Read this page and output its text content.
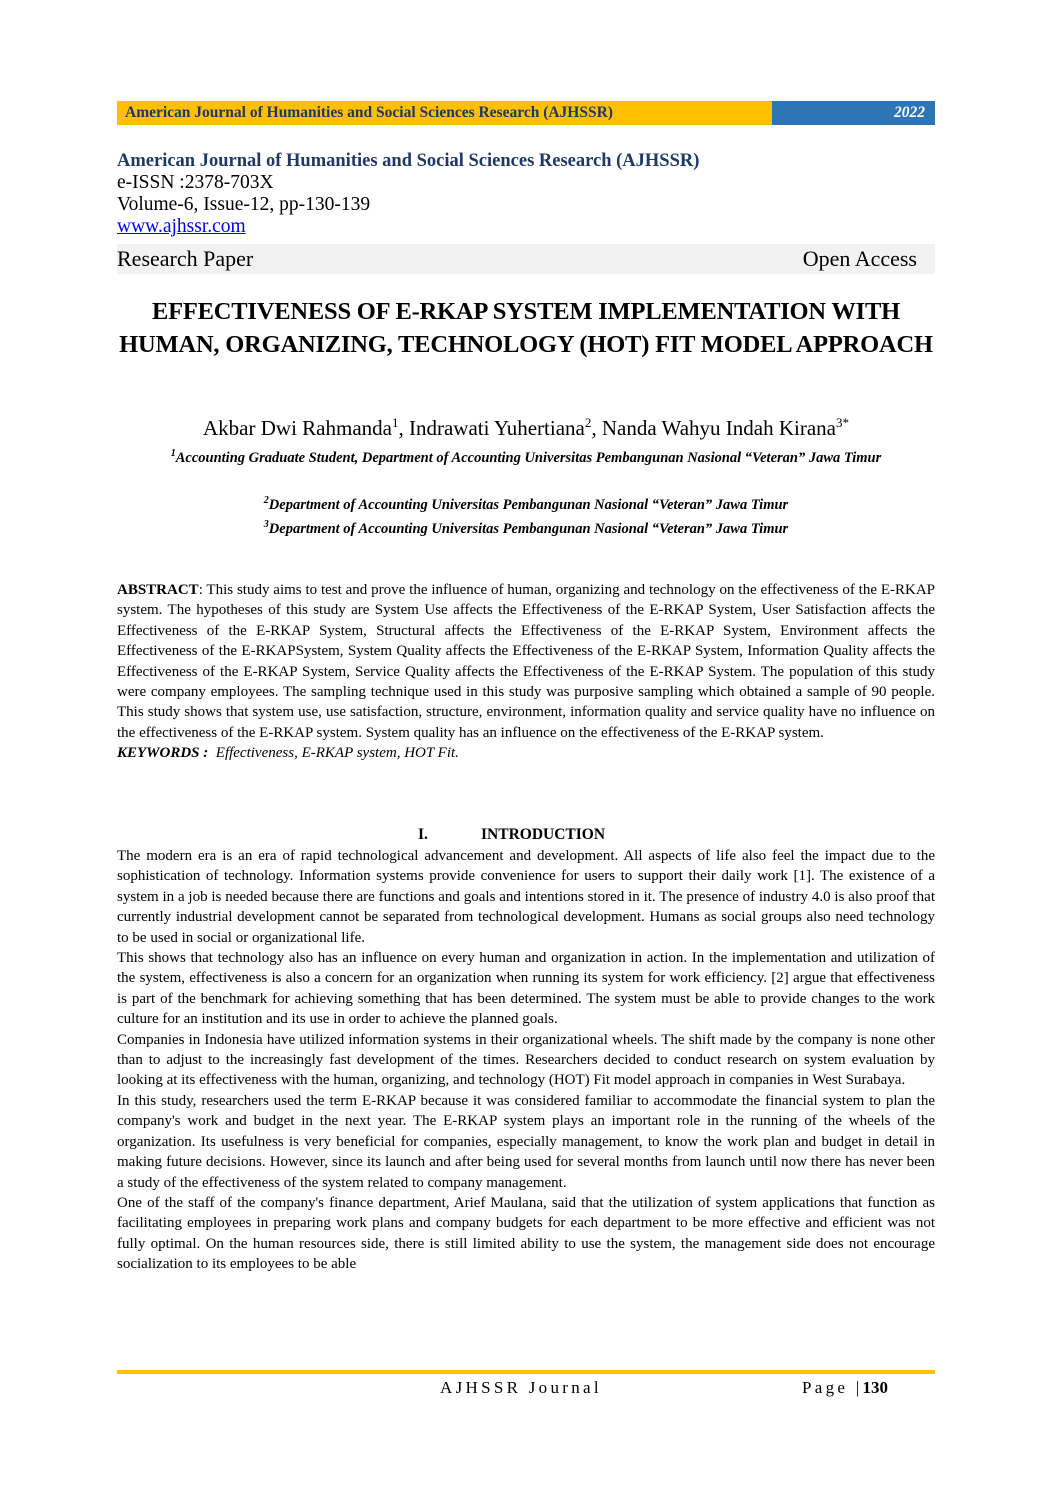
American Journal of Humanities and Social Sciences Research (AJHSSR)	2022
American Journal of Humanities and Social Sciences Research (AJHSSR)
e-ISSN :2378-703X
Volume-6, Issue-12, pp-130-139
www.ajhssr.com
Research Paper	Open Access
EFFECTIVENESS OF E-RKAP SYSTEM IMPLEMENTATION WITH HUMAN, ORGANIZING, TECHNOLOGY (HOT) FIT MODEL APPROACH
Akbar Dwi Rahmanda$^1$, Indrawati Yuhertiana$^2$, Nanda Wahyu Indah Kirana$^{3*}$
$^1$Accounting Graduate Student, Department of Accounting Universitas Pembangunan Nasional “Veteran” Jawa Timur
$^2$Department of Accounting Universitas Pembangunan Nasional “Veteran” Jawa Timur
$^3$Department of Accounting Universitas Pembangunan Nasional “Veteran” Jawa Timur

ABSTRACT: This study aims to test and prove the influence of human, organizing and technology on the effectiveness of the E-RKAP system. The hypotheses of this study are System Use affects the Effectiveness of the E-RKAP System, User Satisfaction affects the Effectiveness of the E-RKAP System, Structural affects the Effectiveness of the E-RKAP System, Environment affects the Effectiveness of the E-RKAPSystem, System Quality affects the Effectiveness of the E-RKAP System, Information Quality affects the Effectiveness of the E-RKAP System, Service Quality affects the Effectiveness of the E-RKAP System. The population of this study were company employees. The sampling technique used in this study was purposive sampling which obtained a sample of 90 people. This study shows that system use, use satisfaction, structure, environment, information quality and service quality have no influence on the effectiveness of the E-RKAP system. System quality has an influence on the effectiveness of the E-RKAP system.

KEYWORDS : Effectiveness, E-RKAP system, HOT Fit.

I.	INTRODUCTION

The modern era is an era of rapid technological advancement and development. All aspects of life also feel the impact due to the sophistication of technology. Information systems provide convenience for users to support their daily work [1]. The existence of a system in a job is needed because there are functions and goals and intentions stored in it. The presence of industry 4.0 is also proof that currently industrial development cannot be separated from technological development. Humans as social groups also need technology to be used in social or organizational life.

This shows that technology also has an influence on every human and organization in action. In the implementation and utilization of the system, effectiveness is also a concern for an organization when running its system for work efficiency. [2] argue that effectiveness is part of the benchmark for achieving something that has been determined. The system must be able to provide changes to the work culture for an institution and its use in order to achieve the planned goals.

Companies in Indonesia have utilized information systems in their organizational wheels. The shift made by the company is none other than to adjust to the increasingly fast development of the times. Researchers decided to conduct research on system evaluation by looking at its effectiveness with the human, organizing, and technology (HOT) Fit model approach in companies in West Surabaya.

In this study, researchers used the term E-RKAP because it was considered familiar to accommodate the financial system to plan the company's work and budget in the next year. The E-RKAP system plays an important role in the running of the wheels of the organization. Its usefulness is very beneficial for companies, especially management, to know the work plan and budget in detail in making future decisions. However, since its launch and after being used for several months from launch until now there has never been a study of the effectiveness of the system related to company management.

One of the staff of the company's finance department, Arief Maulana, said that the utilization of system applications that function as facilitating employees in preparing work plans and company budgets for each department to be more effective and efficient was not fully optimal. On the human resources side, there is still limited ability to use the system, the management side does not encourage socialization to its employees to be able

AJHSSR Journal	Page |130
